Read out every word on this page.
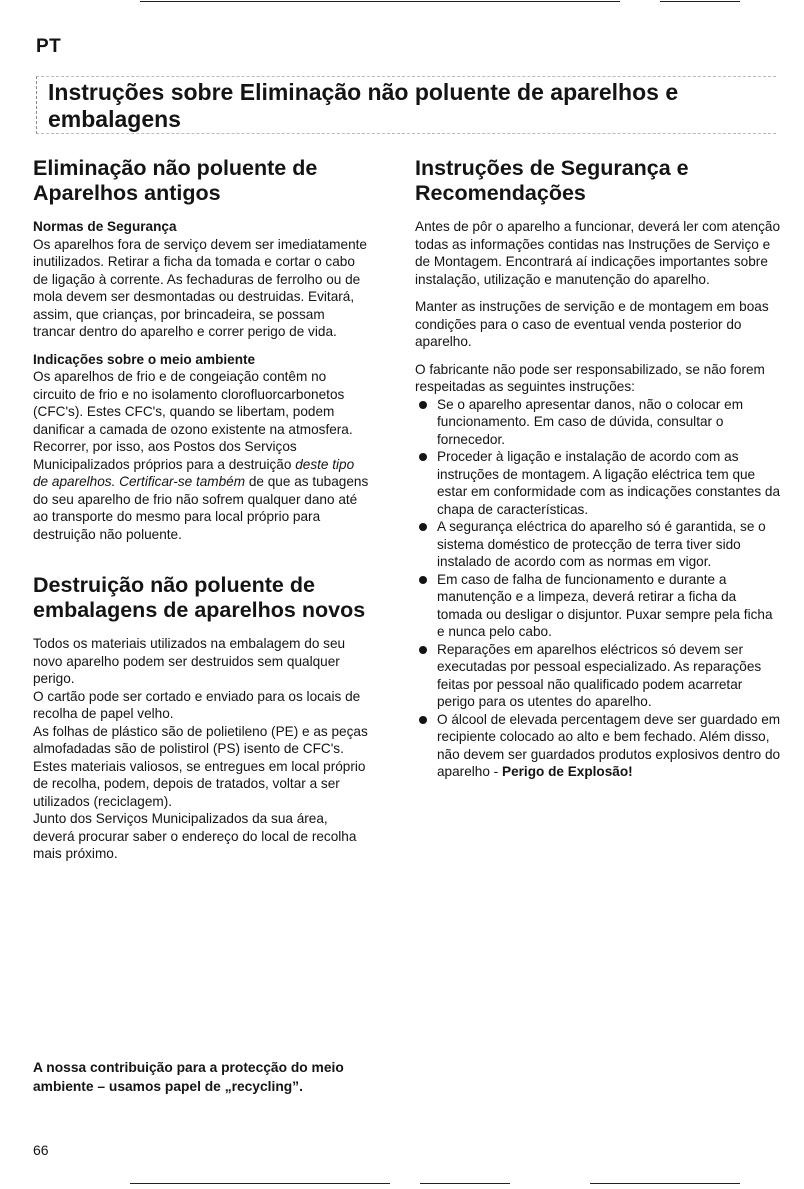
PT
Instruções sobre Eliminação não poluente de aparelhos e embalagens
Eliminação não poluente de Aparelhos antigos
Normas de Segurança

Os aparelhos fora de serviço devem ser imediatamente inutilizados. Retirar a ficha da tomada e cortar o cabo de ligação à corrente. As fechaduras de ferrolho ou de mola devem ser desmontadas ou destruidas. Evitará, assim, que crianças, por brincadeira, se possam trancar dentro do aparelho e correr perigo de vida.

Indicações sobre o meio ambiente

Os aparelhos de frio e de congeiação contêm no circuito de frio e no isolamento clorofluorcarbonetos (CFC's). Estes CFC's, quando se libertam, podem danificar a camada de ozono existente na atmosfera. Recorrer, por isso, aos Postos dos Serviços Municipalizados próprios para a destruição deste tipo de aparelhos. Certificar-se também de que as tubagens do seu aparelho de frio não sofrem qualquer dano até ao transporte do mesmo para local próprio para destruição não poluente.

Destruição não poluente de embalagens de aparelhos novos

Todos os materiais utilizados na embalagem do seu novo aparelho podem ser destruidos sem qualquer perigo.

O cartão pode ser cortado e enviado para os locais de recolha de papel velho.

As folhas de plástico são de polietileno (PE) e as peças almofadadas são de polistirol (PS) isento de CFC's. Estes materiais valiosos, se entregues em local próprio de recolha, podem, depois de tratados, voltar a ser utilizados (reciclagem).

Junto dos Serviços Municipalizados da sua área, deverá procurar saber o endereço do local de recolha mais próximo.

Instruções de Segurança e Recomendações

Antes de pôr o aparelho a funcionar, deverá ler com atenção todas as informações contidas nas Instruções de Serviço e de Montagem. Encontrará aí indicações importantes sobre instalação, utilização e manutenção do aparelho.

Manter as instruções de servição e de montagem em boas condições para o caso de eventual venda posterior do aparelho.

O fabricante não pode ser responsabilizado, se não forem respeitadas as seguintes instruções:

Se o aparelho apresentar danos, não o colocar em funcionamento. Em caso de dúvida, consultar o fornecedor.
Proceder à ligação e instalação de acordo com as instruções de montagem. A ligação eléctrica tem que estar em conformidade com as indicações constantes da chapa de características.
A segurança eléctrica do aparelho só é garantida, se o sistema doméstico de protecção de terra tiver sido instalado de acordo com as normas em vigor.
Em caso de falha de funcionamento e durante a manutenção e a limpeza, deverá retirar a ficha da tomada ou desligar o disjuntor. Puxar sempre pela ficha e nunca pelo cabo.
Reparações em aparelhos eléctricos só devem ser executadas por pessoal especializado. As reparações feitas por pessoal não qualificado podem acarretar perigo para os utentes do aparelho.
O álcool de elevada percentagem deve ser guardado em recipiente colocado ao alto e bem fechado. Além disso, não devem ser guardados produtos explosivos dentro do aparelho - Perigo de Explosão!
A nossa contribuição para a protecção do meio ambiente – usamos papel de „recycling”.
66
